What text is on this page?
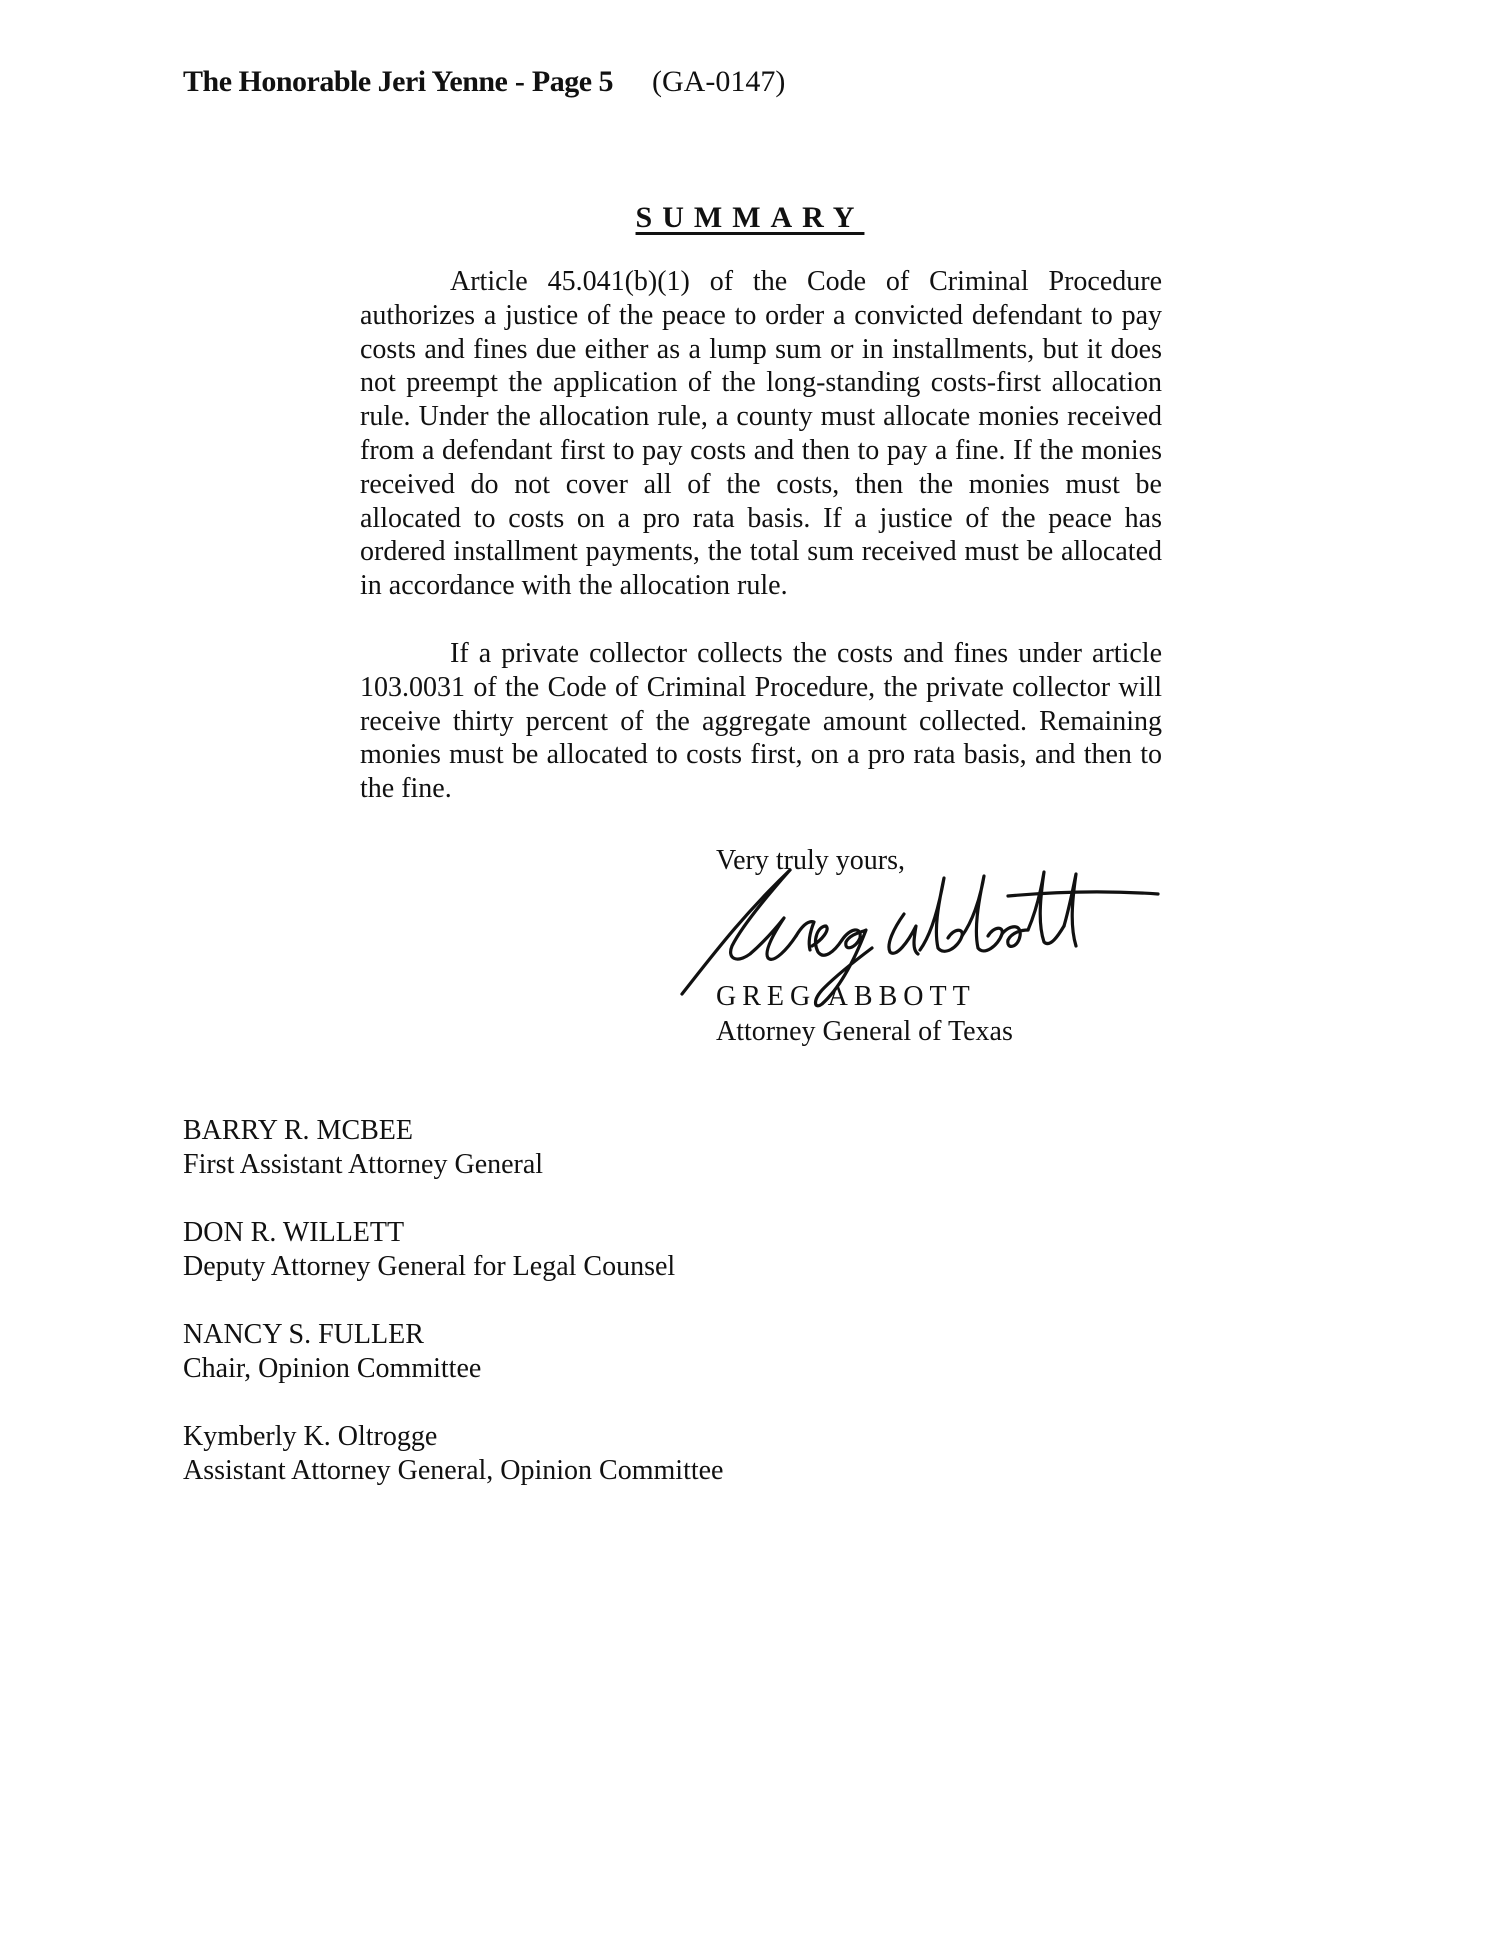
The Honorable Jeri Yenne - Page 5 (GA-0147)
SUMMARY

Article 45.041(b)(1) of the Code of Criminal Procedure authorizes a justice of the peace to order a convicted defendant to pay costs and fines due either as a lump sum or in installments, but it does not preempt the application of the long-standing costs-first allocation rule. Under the allocation rule, a county must allocate monies received from a defendant first to pay costs and then to pay a fine. If the monies received do not cover all of the costs, then the monies must be allocated to costs on a pro rata basis. If a justice of the peace has ordered installment payments, the total sum received must be allocated in accordance with the allocation rule.

If a private collector collects the costs and fines under article 103.0031 of the Code of Criminal Procedure, the private collector will receive thirty percent of the aggregate amount collected. Remaining monies must be allocated to costs first, on a pro rata basis, and then to the fine.

Very truly yours,
GREG ABBOTT
Attorney General of Texas
BARRY R. MCBEE
First Assistant Attorney General
DON R. WILLETT
Deputy Attorney General for Legal Counsel
NANCY S. FULLER
Chair, Opinion Committee
Kymberly K. Oltrogge
Assistant Attorney General, Opinion Committee
